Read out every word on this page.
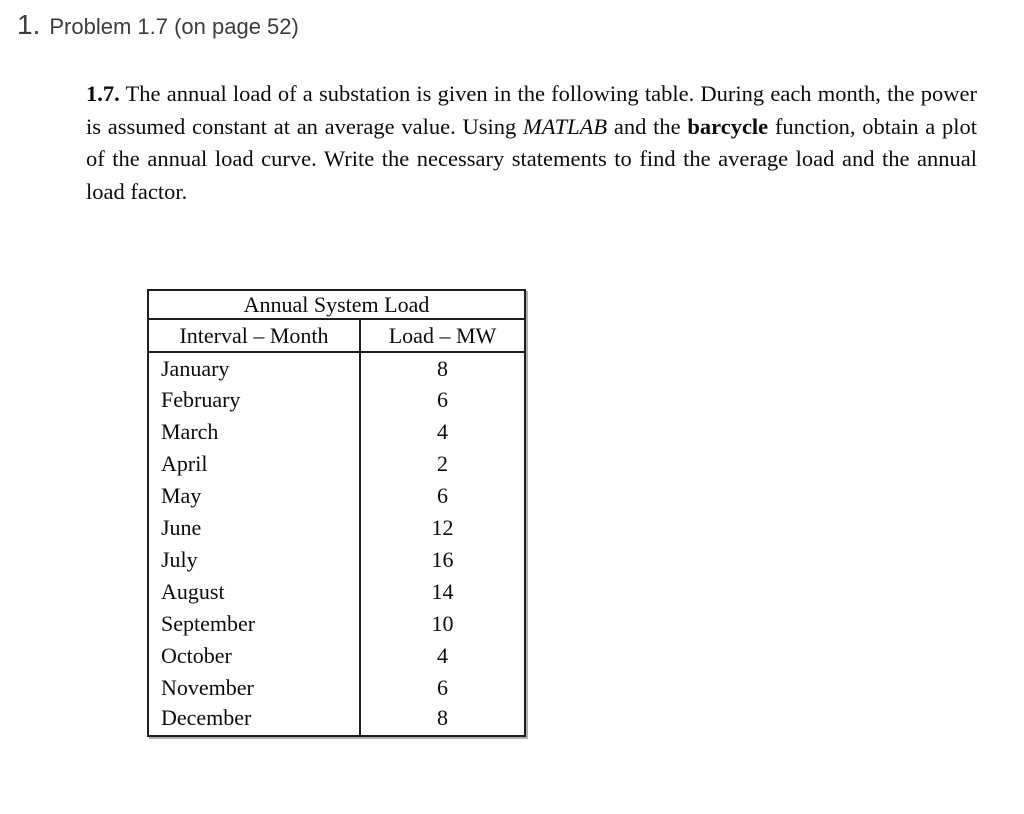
1. Problem 1.7 (on page 52)

1.7. The annual load of a substation is given in the following table. During each month, the power is assumed constant at an average value. Using MATLAB and the barcycle function, obtain a plot of the annual load curve. Write the necessary statements to find the average load and the annual load factor.

Annual System Load	
Interval – Month	Load – MW
January	8
February	6
March	4
April	2
May	6
June	12
July	16
August	14
September	10
October	4
November	6
December	8
